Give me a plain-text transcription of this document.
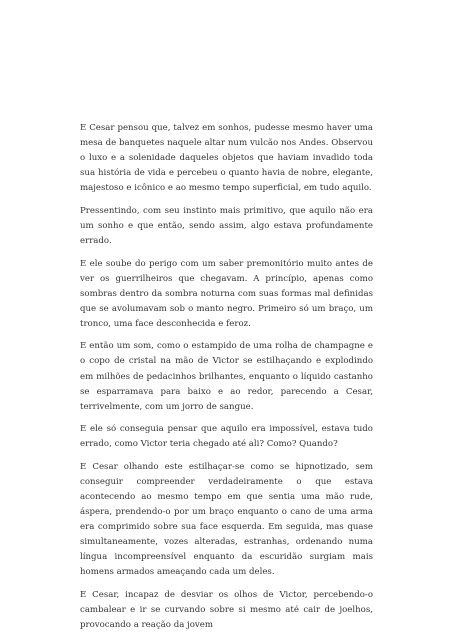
E Cesar pensou que, talvez em sonhos, pudesse mesmo haver uma mesa de banquetes naquele altar num vulcão nos Andes. Observou o luxo e a solenidade daqueles objetos que haviam invadido toda sua história de vida e percebeu o quanto havia de nobre, elegante, majestoso e icônico e ao mesmo tempo superficial, em tudo aquilo.

Pressentindo, com seu instinto mais primitivo, que aquilo não era um sonho e que então, sendo assim, algo estava profundamente errado.

E ele soube do perigo com um saber premonitório muito antes de ver os guerrilheiros que chegavam. A princípio, apenas como sombras dentro da sombra noturna com suas formas mal definidas que se avolumavam sob o manto negro. Primeiro só um braço, um tronco, uma face desconhecida e feroz.

E então um som, como o estampido de uma rolha de champagne e o copo de cristal na mão de Victor se estilhaçando e explodindo em milhões de pedacinhos brilhantes, enquanto o líquido castanho se esparramava para baixo e ao redor, parecendo a Cesar, terrivelmente, com um jorro de sangue.

E ele só conseguia pensar que aquilo era impossível, estava tudo errado, como Victor teria chegado até ali? Como? Quando?

E Cesar olhando este estilhaçar-se como se hipnotizado, sem conseguir compreender verdadeiramente o que estava acontecendo ao mesmo tempo em que sentia uma mão rude, áspera, prendendo-o por um braço enquanto o cano de uma arma era comprimido sobre sua face esquerda. Em seguida, mas quase simultaneamente, vozes alteradas, estranhas, ordenando numa língua incompreensível enquanto da escuridão surgiam mais homens armados ameaçando cada um deles.

E Cesar, incapaz de desviar os olhos de Victor, percebendo-o cambalear e ir se curvando sobre si mesmo até cair de joelhos, provocando a reação da jovem
